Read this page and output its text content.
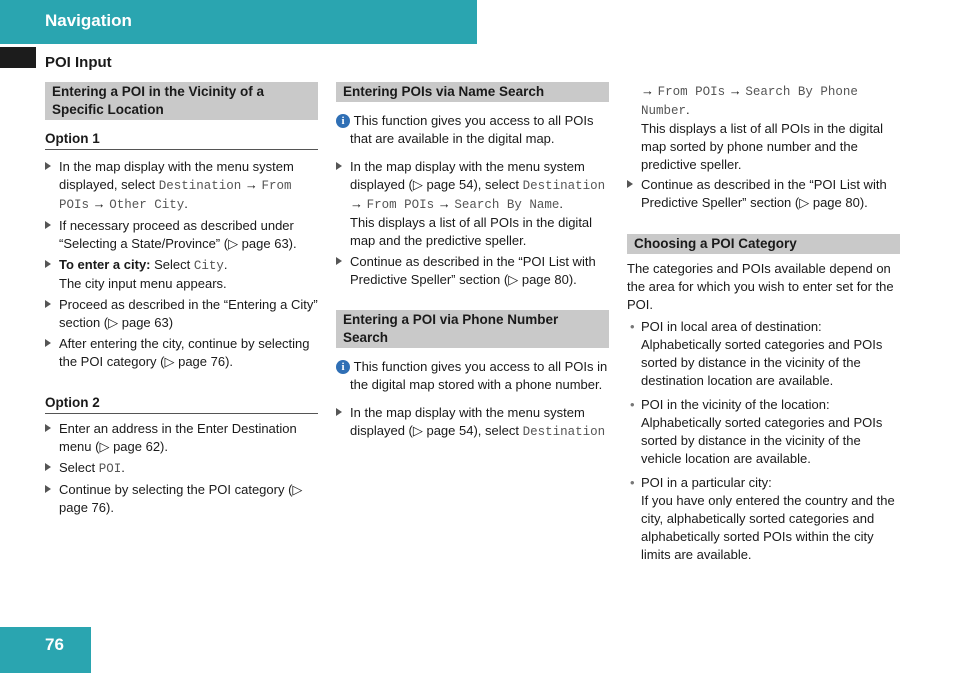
Navigation
POI Input
Entering a POI in the Vicinity of a Specific Location
Option 1
In the map display with the menu system displayed, select Destination → From POIs → Other City.
If necessary proceed as described under “Selecting a State/Province” (▷ page 63).
To enter a city: Select City.
The city input menu appears.
Proceed as described in the “Entering a City” section (▷ page 63)
After entering the city, continue by selecting the POI category (▷ page 76).
Option 2
Enter an address in the Enter Destination menu (▷ page 62).
Select POI.
Continue by selecting the POI category (▷ page 76).
Entering POIs via Name Search
i This function gives you access to all POIs that are available in the digital map.
In the map display with the menu system displayed (▷ page 54), select Destination → From POIs → Search By Name.
This displays a list of all POIs in the digital map and the predictive speller.
Continue as described in the “POI List with Predictive Speller” section (▷ page 80).
Entering a POI via Phone Number Search
i This function gives you access to all POIs in the digital map stored with a phone number.
In the map display with the menu system displayed (▷ page 54), select Destination
→ From POIs → Search By Phone Number.
This displays a list of all POIs in the digital map sorted by phone number and the predictive speller.
Continue as described in the “POI List with Predictive Speller” section (▷ page 80).
Choosing a POI Category

The categories and POIs available depend on the area for which you wish to enter set for the POI.

• POI in local area of destination:
Alphabetically sorted categories and POIs sorted by distance in the vicinity of the destination location are available.
• POI in the vicinity of the location:
Alphabetically sorted categories and POIs sorted by distance in the vicinity of the vehicle location are available.
• POI in a particular city:
If you have only entered the country and the city, alphabetically sorted categories and alphabetically sorted POIs within the city limits are available.
76
